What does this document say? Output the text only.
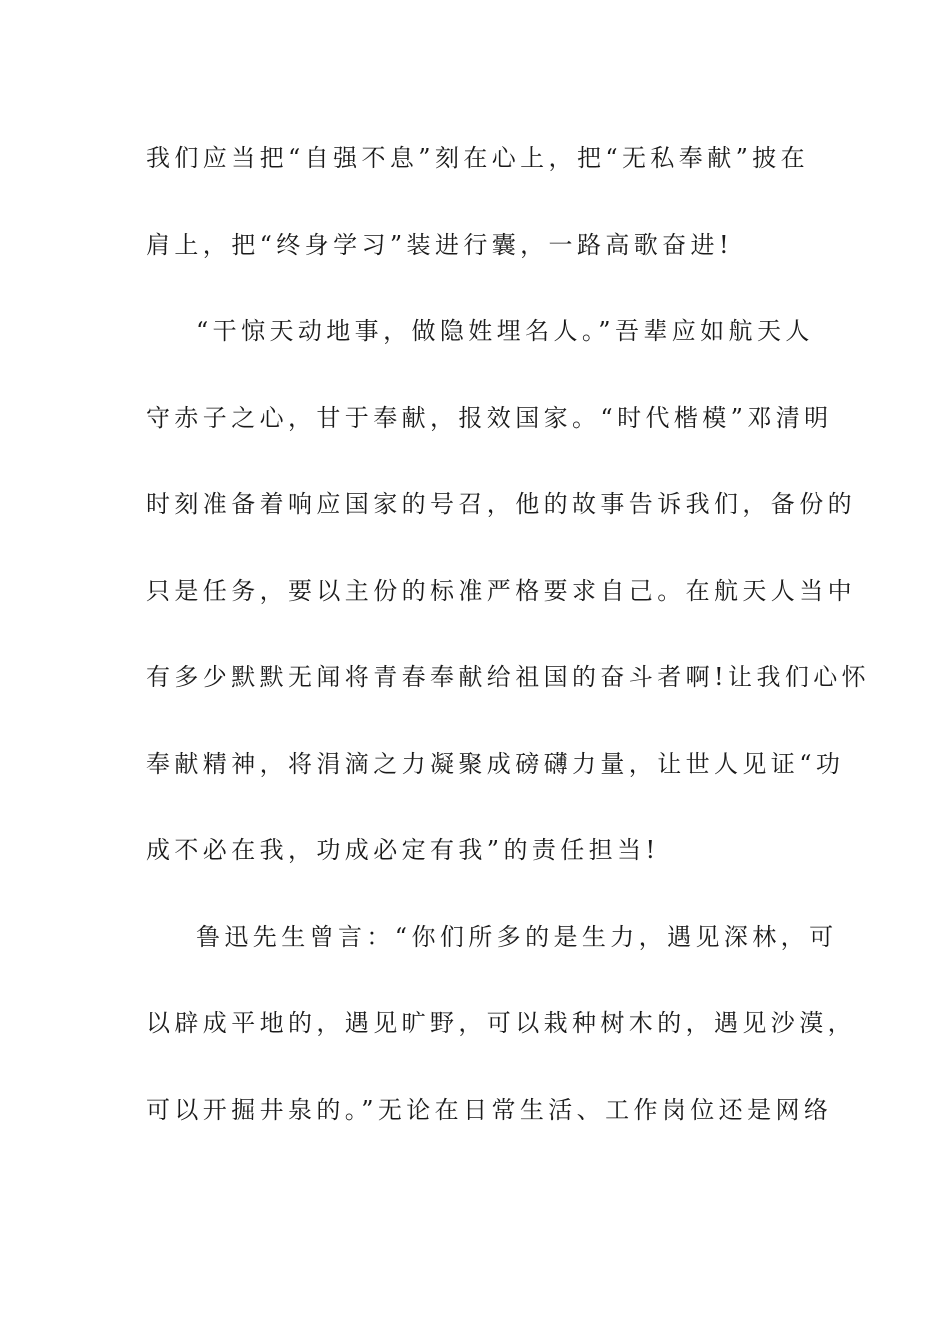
我们应当把“自强不息”刻在心上，把“无私奉献”披在
肩上，把“终身学习”装进行囊，一路高歌奋进!
“干惊天动地事，做隐姓埋名人。”吾辈应如航天人
守赤子之心，甘于奉献，报效国家。“时代楷模”邓清明
时刻准备着响应国家的号召，他的故事告诉我们，备份的
只是任务，要以主份的标准严格要求自己。在航天人当中
有多少默默无闻将青春奉献给祖国的奋斗者啊!让我们心怀
奉献精神，将涓滴之力凝聚成磅礴力量，让世人见证“功
成不必在我，功成必定有我”的责任担当!
鲁迅先生曾言：“你们所多的是生力，遇见深林，可
以辟成平地的，遇见旷野，可以栽种树木的，遇见沙漠，
可以开掘井泉的。”无论在日常生活、工作岗位还是网络
